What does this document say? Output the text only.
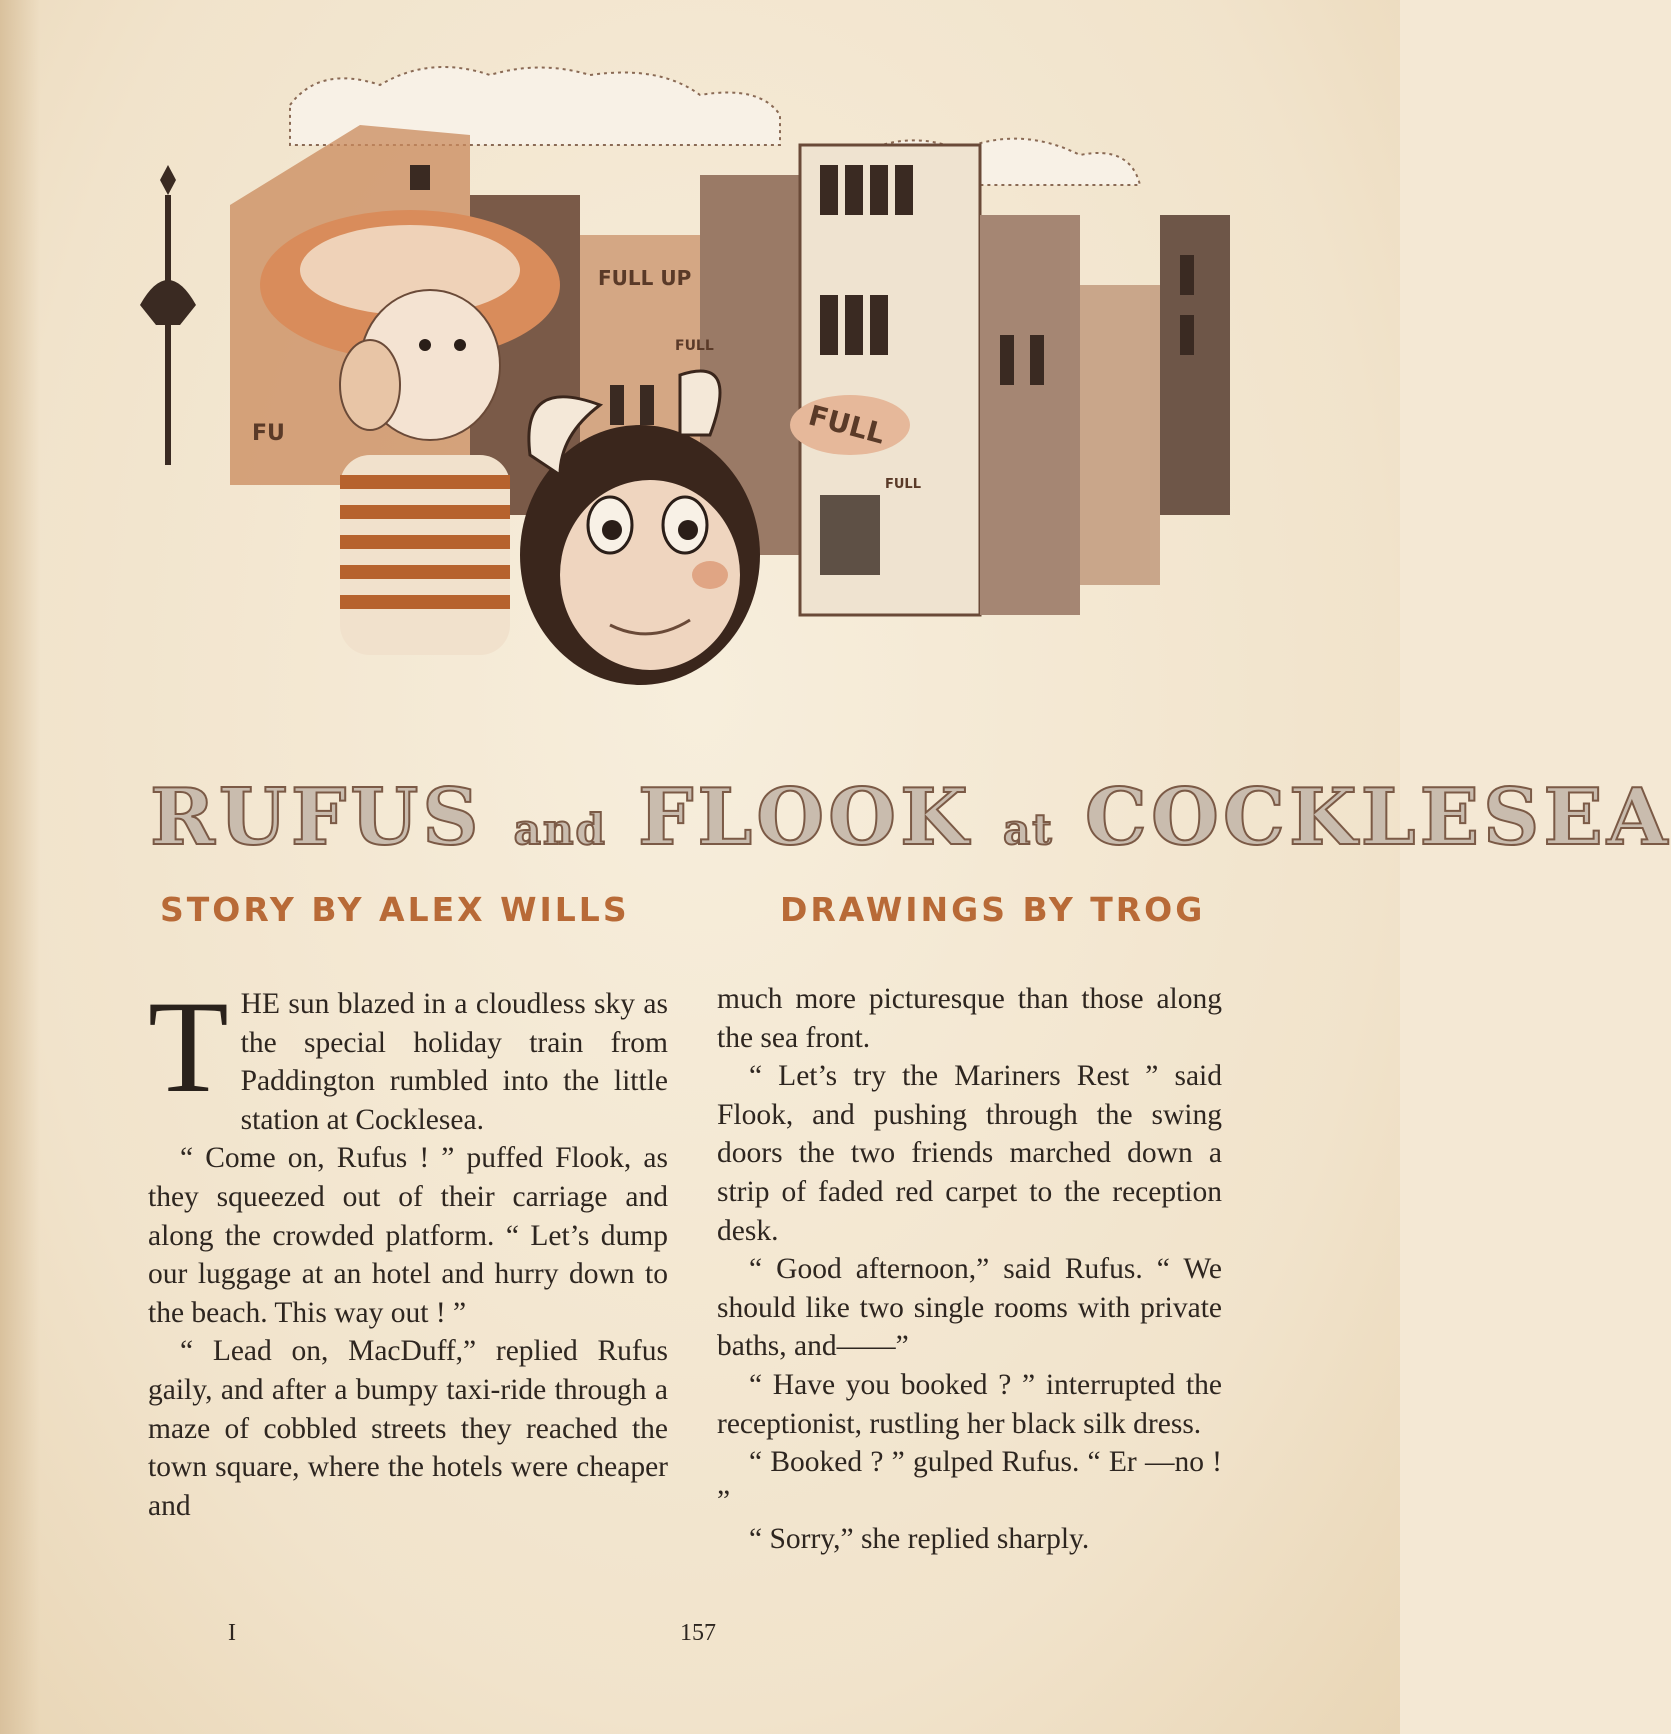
FULL UP
FULL
FULL
FULL
FU
RUFUS and FLOOK at COCKLESEA
STORY BY ALEX WILLS	DRAWINGS BY TROG

THE sun blazed in a cloudless sky as the special holiday train from Paddington rumbled into the little station at Cocklesea.

“ Come on, Rufus ! ” puffed Flook, as they squeezed out of their carriage and along the crowded platform. “ Let’s dump our luggage at an hotel and hurry down to the beach. This way out ! ”

“ Lead on, MacDuff,” replied Rufus gaily, and after a bumpy taxi-ride through a maze of cobbled streets they reached the town square, where the hotels were cheaper and

much more picturesque than those along the sea front.

“ Let’s try the Mariners Rest ” said Flook, and pushing through the swing doors the two friends marched down a strip of faded red carpet to the reception desk.

“ Good afternoon,” said Rufus. “ We should like two single rooms with private baths, and——”

“ Have you booked ? ” interrupted the receptionist, rustling her black silk dress.

“ Booked ? ” gulped Rufus. “ Er —no ! ”

“ Sorry,” she replied sharply.

I	157
